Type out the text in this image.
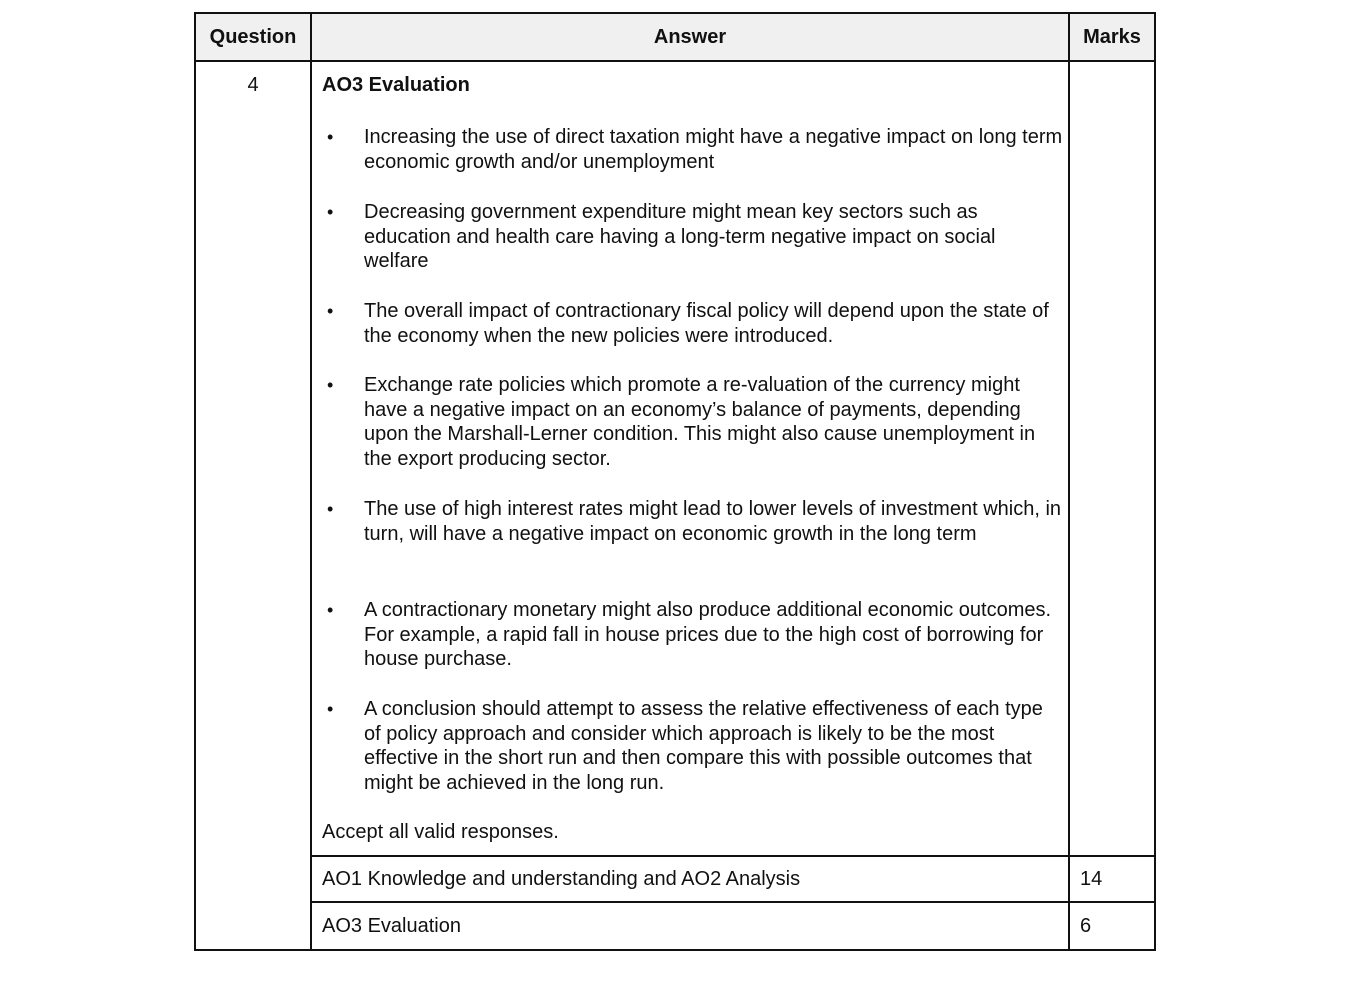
Question	Answer	Marks
4	AO3 Evaluation
• Increasing the use of direct taxation might have a negative impact on long term economic growth and/or unemployment
• Decreasing government expenditure might mean key sectors such as education and health care having a long-term negative impact on social welfare
• The overall impact of contractionary fiscal policy will depend upon the state of the economy when the new policies were introduced.
• Exchange rate policies which promote a re-valuation of the currency might have a negative impact on an economy’s balance of payments, depending upon the Marshall-Lerner condition. This might also cause unemployment in the export producing sector.
• The use of high interest rates might lead to lower levels of investment which, in turn, will have a negative impact on economic growth in the long term
• A contractionary monetary might also produce additional economic outcomes. For example, a rapid fall in house prices due to the high cost of borrowing for house purchase.
• A conclusion should attempt to assess the relative effectiveness of each type of policy approach and consider which approach is likely to be the most effective in the short run and then compare this with possible outcomes that might be achieved in the long run.
Accept all valid responses.
AO1 Knowledge and understanding and AO2 Analysis	14
AO3 Evaluation	6
